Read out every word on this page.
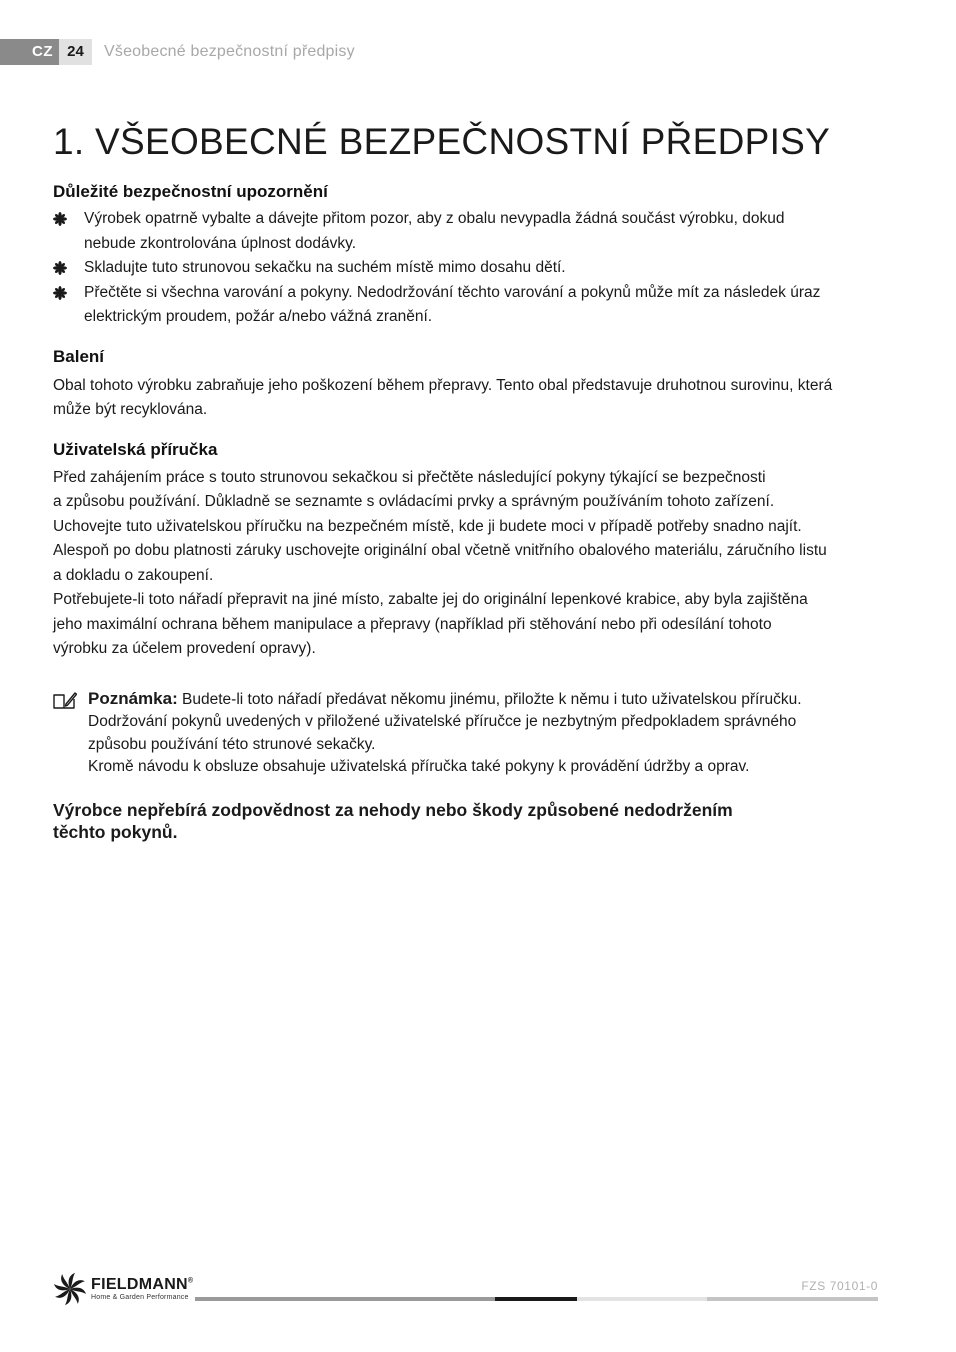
CZ 24	Všeobecné bezpečnostní předpisy
1. VŠEOBECNÉ BEZPEČNOSTNÍ PŘEDPISY
Důležité bezpečnostní upozornění
Výrobek opatrně vybalte a dávejte přitom pozor, aby z obalu nevypadla žádná součást výrobku, dokud
nebude zkontrolována úplnost dodávky.
Skladujte tuto strunovou sekačku na suchém místě mimo dosahu dětí.
Přečtěte si všechna varování a pokyny. Nedodržování těchto varování a pokynů může mít za následek úraz
elektrickým proudem, požár a/nebo vážná zranění.
Balení

Obal tohoto výrobku zabraňuje jeho poškození během přepravy. Tento obal představuje druhotnou surovinu, která
může být recyklována.

Uživatelská příručka

Před zahájením práce s touto strunovou sekačkou si přečtěte následující pokyny týkající se bezpečnosti
a způsobu používání. Důkladně se seznamte s ovládacími prvky a správným používáním tohoto zařízení.
Uchovejte tuto uživatelskou příručku na bezpečném místě, kde ji budete moci v případě potřeby snadno najít.
Alespoň po dobu platnosti záruky uschovejte originální obal včetně vnitřního obalového materiálu, záručního listu
a dokladu o zakoupení.
Potřebujete-li toto nářadí přepravit na jiné místo, zabalte jej do originální lepenkové krabice, aby byla zajištěna
jeho maximální ochrana během manipulace a přepravy (například při stěhování nebo při odesílání tohoto
výrobku za účelem provedení opravy).

Poznámka: Budete-li toto nářadí předávat někomu jinému, přiložte k němu i tuto uživatelskou příručku.
Dodržování pokynů uvedených v přiložené uživatelské příručce je nezbytným předpokladem správného
způsobu používání této strunové sekačky.
Kromě návodu k obsluze obsahuje uživatelská příručka také pokyny k provádění údržby a oprav.
Výrobce nepřebírá zodpovědnost za nehody nebo škody způsobené nedodržením
těchto pokynů.
FIELDMANN®
Home & Garden Performance
FZS 70101-0
